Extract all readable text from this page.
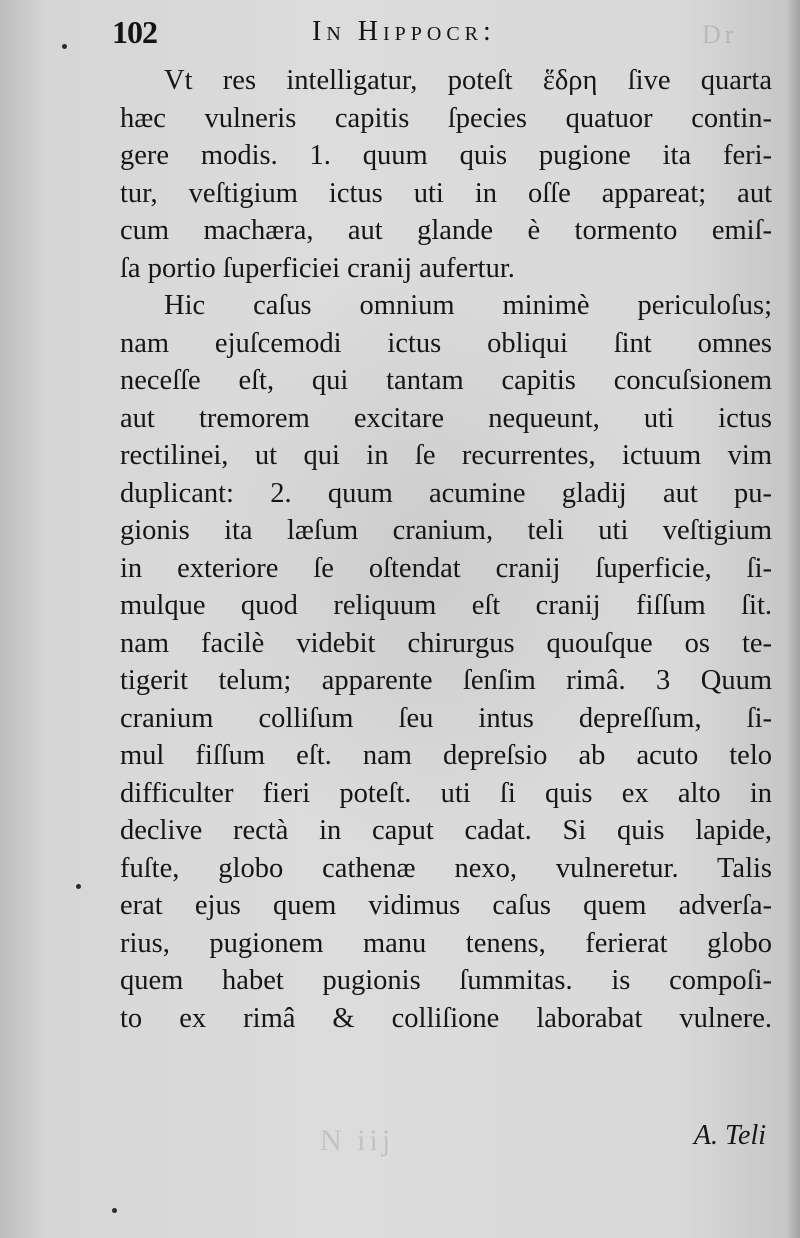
102	In Hippocr:	Dr
Vt res intelligatur, poteſt ἕδρη ſive quarta
hæc vulneris capitis ſpecies quatuor contin-
gere modis. 1. quum quis pugione ita feri-
tur, veſtigium ictus uti in oſſe appareat; aut
cum machæra, aut glande è tormento emiſ-
ſa portio ſuperficiei cranij aufertur.
Hic caſus omnium minimè periculoſus;
nam ejuſcemodi ictus obliqui ſint omnes
neceſſe eſt, qui tantam capitis concuſsionem
aut tremorem excitare nequeunt, uti ictus
rectilinei, ut qui in ſe recurrentes, ictuum vim
duplicant: 2. quum acumine gladij aut pu-
gionis ita læſum cranium, teli uti veſtigium
in exteriore ſe oſtendat cranij ſuperficie, ſi-
mulque quod reliquum eſt cranij fiſſum ſit.
nam facilè videbit chirurgus quouſque os te-
tigerit telum; apparente ſenſim rimâ. 3 Quum
cranium colliſum ſeu intus depreſſum, ſi-
mul fiſſum eſt. nam depreſsio ab acuto telo
difficulter fieri poteſt. uti ſi quis ex alto in
declive rectà in caput cadat. Si quis lapide,
fuſte, globo cathenæ nexo, vulneretur. Talis
erat ejus quem vidimus caſus quem adverſa-
rius, pugionem manu tenens, ferierat globo
quem habet pugionis ſummitas. is compoſi-
to ex rimâ & colliſione laborabat vulnere.
N iij	A. Teli
